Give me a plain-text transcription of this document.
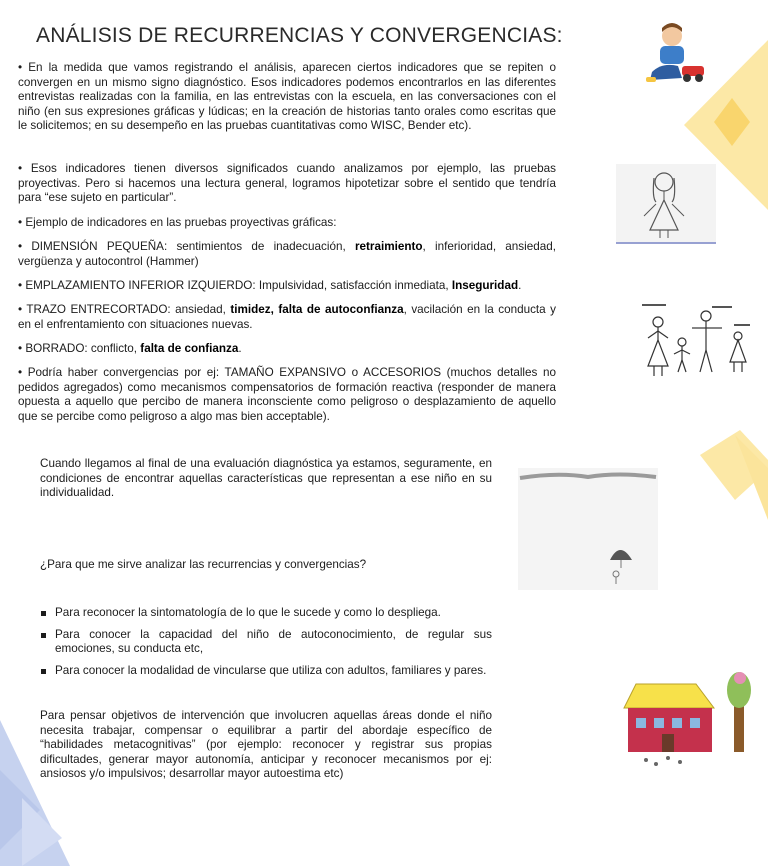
ANÁLISIS DE RECURRENCIAS Y CONVERGENCIAS:

• En la medida que vamos registrando el análisis, aparecen ciertos indicadores que se repiten o convergen en un mismo signo diagnóstico. Esos indicadores podemos encontrarlos en las diferentes entrevistas realizadas con la familia, en las entrevistas con la escuela, en las conversaciones con el niño (en sus expresiones gráficas y lúdicas; en la creación de historias tanto orales como escritas que le solicitemos; en su desempeño en las pruebas cuantitativas como WISC, Bender etc).

• Esos indicadores tienen diversos significados cuando analizamos por ejemplo, las pruebas proyectivas. Pero si hacemos una lectura general, logramos hipotetizar sobre el sentido que tendría para “ese sujeto en particular”.

• Ejemplo de indicadores en las pruebas proyectivas gráficas:

• DIMENSIÓN PEQUEÑA: sentimientos de inadecuación, retraimiento, inferioridad, ansiedad, vergüenza y autocontrol (Hammer)

• EMPLAZAMIENTO INFERIOR IZQUIERDO: Impulsividad, satisfacción inmediata, Inseguridad.

• TRAZO ENTRECORTADO: ansiedad, timidez, falta de autoconfianza, vacilación en la conducta y en el enfrentamiento con situaciones nuevas.

• BORRADO: conflicto, falta de confianza.

• Podría haber convergencias por ej: TAMAÑO EXPANSIVO o ACCESORIOS (muchos detalles no pedidos agregados) como mecanismos compensatorios de formación reactiva (responder de manera opuesta a aquello que percibo de manera inconsciente como peligroso o desplazamiento de aquello que se percibe como peligroso a algo mas bien acceptable).

Cuando llegamos al final de una evaluación diagnóstica ya estamos, seguramente, en condiciones de encontrar aquellas características que representan a ese niño en su individualidad.

¿Para que me sirve analizar las recurrencias y convergencias?

Para reconocer la sintomatología de lo que le sucede y como lo despliega.
Para conocer la capacidad del niño de autoconocimiento, de regular sus emociones, su conducta etc,
Para conocer la modalidad de vincularse que utiliza con adultos, familiares y pares.

Para pensar objetivos de intervención que involucren aquellas áreas donde el niño necesita trabajar, compensar o equilibrar a partir del abordaje específico de “habilidades metacognitivas” (por ejemplo: reconocer y registrar sus propias dificultades, generar mayor autonomía, anticipar y reconocer mecanismos por ej: ansiosos y/o impulsivos; desarrollar mayor autoestima etc)
